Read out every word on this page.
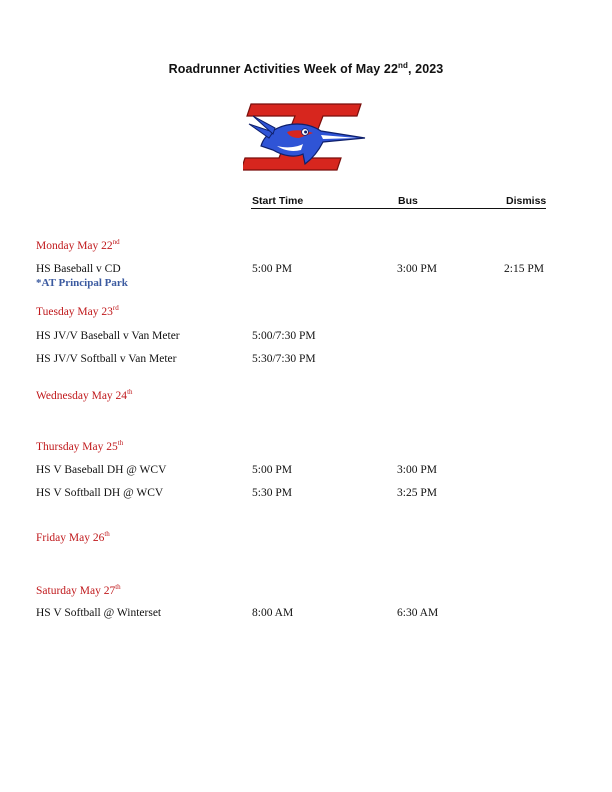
Roadrunner Activities Week of May 22nd, 2023
Start Time	Bus	Dismiss
Monday May 22nd
HS Baseball v CD	5:00 PM	3:00 PM	2:15 PM
*AT Principal Park
Tuesday May 23rd
HS JV/V Baseball v Van Meter	5:00/7:30 PM
HS JV/V Softball v Van Meter	5:30/7:30 PM
Wednesday May 24th
Thursday May 25th
HS V Baseball DH @ WCV	5:00 PM	3:00 PM
HS V Softball DH @ WCV	5:30 PM	3:25 PM
Friday May 26th
Saturday May 27th
HS V Softball @ Winterset	8:00 AM	6:30 AM
